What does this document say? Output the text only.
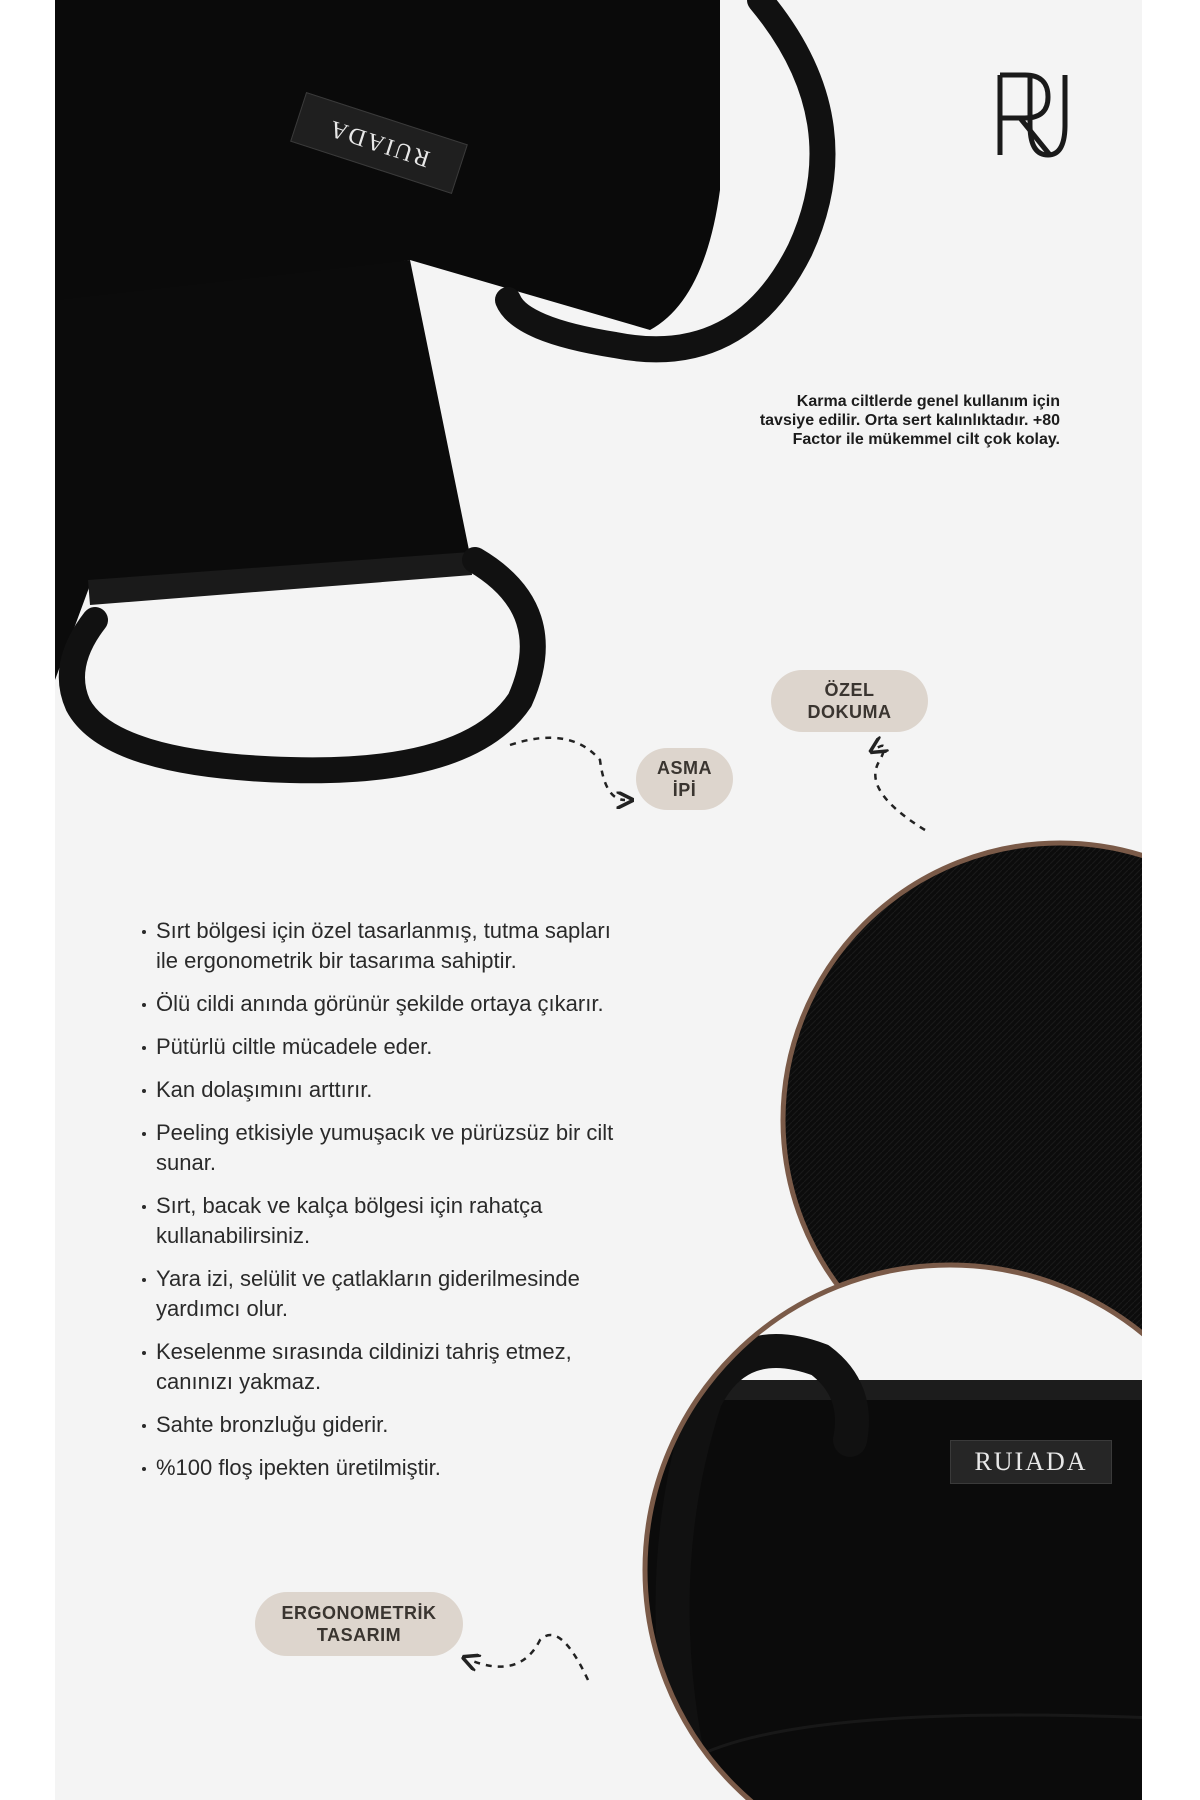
RUIADA
Karma ciltlerde genel kullanım için
tavsiye edilir. Orta sert kalınlıktadır. +80
Factor ile mükemmel cilt çok kolay.
ÖZEL
DOKUMA
ASMA
İPİ
ERGONOMETRİK
TASARIM
Sırt bölgesi için özel tasarlanmış, tutma sapları
ile ergonometrik bir tasarıma sahiptir.
Ölü cildi anında görünür şekilde ortaya çıkarır.
Pütürlü ciltle mücadele eder.
Kan dolaşımını arttırır.
Peeling etkisiyle yumuşacık ve pürüzsüz bir cilt
sunar.
Sırt, bacak ve kalça bölgesi için rahatça
kullanabilirsiniz.
Yara izi, selülit ve çatlakların giderilmesinde
yardımcı olur.
Keselenme sırasında cildinizi tahriş etmez,
canınızı yakmaz.
Sahte bronzluğu giderir.
%100 floş ipekten üretilmiştir.	RUIADA
